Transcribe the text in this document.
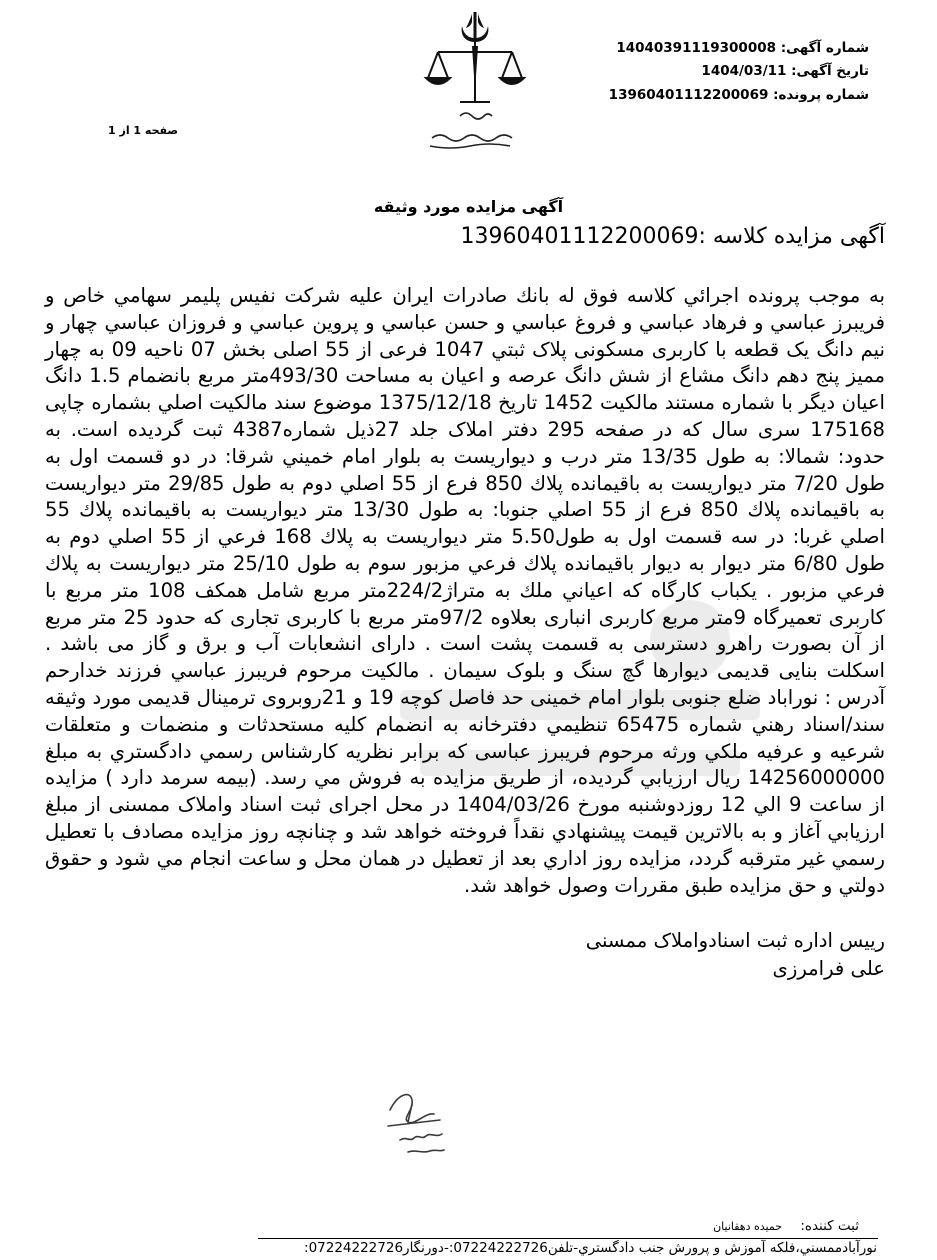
شماره آگهی: 14040391119300008
تاریخ آگهی: 1404/03/11
شماره پرونده: 13960401112200069
صفحه 1 از 1
آگهی مزایده مورد وثیقه
آگهی مزایده کلاسه :13960401112200069
به موجب پرونده اجرائي كلاسه فوق له بانك صادرات ايران عليه شركت نفيس پليمر سهامي خاص و فريبرز عباسي و فرهاد عباسي و فروغ عباسي و حسن عباسي و پروين عباسي و فروزان عباسي چهار و نيم دانگ يک قطعه با کاربری مسکونی پلاک ثبتي 1047 فرعی از 55 اصلی بخش 07 ناحيه 09 به چهار مميز پنج دهم دانگ مشاع از شش دانگ عرصه و اعيان به مساحت 493/30متر مربع بانضمام 1.5 دانگ اعيان ديگر با شماره مستند مالكيت 1452 تاريخ 1375/12/18 موضوع سند مالكيت اصلي بشماره چاپی 175168 سری سال که در صفحه 295 دفتر املاک جلد 27ذيل شماره4387 ثبت گرديده است. به حدود: شمالا: به طول 13/35 متر درب و ديواريست به بلوار امام خميني شرقا: در دو قسمت اول به طول 7/20 متر ديواريست به باقيمانده پلاك 850 فرع از 55 اصلي دوم به طول 29/85 متر ديواريست به باقيمانده پلاك 850 فرع از 55 اصلي جنوبا: به طول 13/30 متر ديواريست به باقيمانده پلاك 55 اصلي غربا: در سه قسمت اول به طول5.50 متر ديواريست به پلاك 168 فرعي از 55 اصلي دوم به طول 6/80 متر ديوار به ديوار باقيمانده پلاك فرعي مزبور سوم به طول 25/10 متر ديواريست به پلاك فرعي مزبور . يكباب كارگاه كه اعياني ملك به متراژ224/2متر مربع شامل همكف 108 متر مربع با كاربری تعميرگاه 9متر مربع كاربری انباری بعلاوه 97/2متر مربع با كاربری تجاری كه حدود 25 متر مربع از آن بصورت راهرو دسترسی به قسمت پشت است . دارای انشعابات آب و برق و گاز می باشد . اسكلت بنايی قديمی ديوارها گچ سنگ و بلوک سيمان . مالكيت مرحوم فريبرز عباسي فرزند خدارحم آدرس : نوراباد ضلع جنوبی بلوار امام خمينی حد فاصل كوچه 19 و 21روبروی ترمينال قديمی مورد وثيقه سند/اسناد رهني شماره 65475 تنظيمي دفترخانه به انضمام كليه مستحدثات و منضمات و متعلقات شرعيه و عرفيه ملكي ورثه مرحوم فريبرز عباسی كه برابر نظريه كارشناس رسمي دادگستري به مبلغ 14256000000 ريال ارزيابي گرديده، از طريق مزايده به فروش مي رسد. (بيمه سرمد دارد ) مزايده از ساعت 9 الي 12 روزدوشنبه مورخ 1404/03/26 در محل اجرای ثبت اسناد واملاک ممسنی از مبلغ ارزيابي آغاز و به بالاترين قيمت پيشنهادي نقداً فروخته خواهد شد و چنانچه روز مزايده مصادف با تعطيل رسمي غير مترقبه گردد، مزايده روز اداري بعد از تعطيل در همان محل و ساعت انجام مي شود و حقوق دولتي و حق مزايده طبق مقررات وصول خواهد شد.
رییس اداره ثبت اسنادواملاک ممسنی
علی فرامرزی
ثبت کننده: حمیده دهقانیان
نورآبادممسني،فلكه آموزش و پرورش جنب دادگستري-تلفن07224222726:-دورنگار07224222726:
